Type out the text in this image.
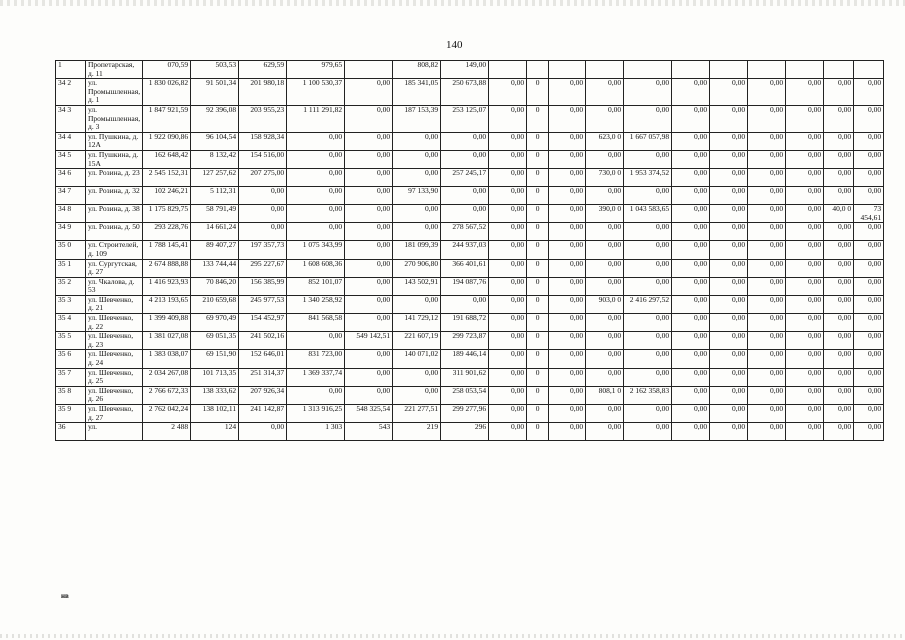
140
1	Пропетарская, д. 11	070,59	503,53	629,59	979,65		808,82	149,00											
34 2	ул. Промышленная, д. 1	1 830 026,82	91 501,34	201 980,18	1 100 530,37	0,00	185 341,05	250 673,88	0,00	0	0,00	0,00	0,00	0,00	0,00	0,00	0,00	0,00	0,00
34 3	ул. Промышленная, д. 3	1 847 921,59	92 396,08	203 955,23	1 111 291,82	0,00	187 153,39	253 125,07	0,00	0	0,00	0,00	0,00	0,00	0,00	0,00	0,00	0,00	0,00
34 4	ул. Пушкина, д. 12А	1 922 090,86	96 104,54	158 928,34	0,00	0,00	0,00	0,00	0,00	0	0,00	623,0 0	1 667 057,98	0,00	0,00	0,00	0,00	0,00	0,00
34 5	ул. Пушкина, д. 15А	162 648,42	8 132,42	154 516,00	0,00	0,00	0,00	0,00	0,00	0	0,00	0,00	0,00	0,00	0,00	0,00	0,00	0,00	0,00
34 6	ул. Розина, д. 23	2 545 152,31	127 257,62	207 275,00	0,00	0,00	0,00	257 245,17	0,00	0	0,00	730,0 0	1 953 374,52	0,00	0,00	0,00	0,00	0,00	0,00
34 7	ул. Розина, д. 32	102 246,21	5 112,31	0,00	0,00	0,00	97 133,90	0,00	0,00	0	0,00	0,00	0,00	0,00	0,00	0,00	0,00	0,00	0,00
34 8	ул. Розина, д. 38	1 175 829,75	58 791,49	0,00	0,00	0,00	0,00	0,00	0,00	0	0,00	390,0 0	1 043 583,65	0,00	0,00	0,00	0,00	40,0 0	73 454,61
34 9	ул. Розина, д. 50	293 228,76	14 661,24	0,00	0,00	0,00	0,00	278 567,52	0,00	0	0,00	0,00	0,00	0,00	0,00	0,00	0,00	0,00	0,00
35 0	ул. Строителей, д. 109	1 788 145,41	89 407,27	197 357,73	1 075 343,99	0,00	181 099,39	244 937,03	0,00	0	0,00	0,00	0,00	0,00	0,00	0,00	0,00	0,00	0,00
35 1	ул. Сургутская, д. 27	2 674 888,88	133 744,44	295 227,67	1 608 608,36	0,00	270 906,80	366 401,61	0,00	0	0,00	0,00	0,00	0,00	0,00	0,00	0,00	0,00	0,00
35 2	ул. Чкалова, д. 53	1 416 923,93	70 846,20	156 385,99	852 101,07	0,00	143 502,91	194 087,76	0,00	0	0,00	0,00	0,00	0,00	0,00	0,00	0,00	0,00	0,00
35 3	ул. Шевченко, д. 21	4 213 193,65	210 659,68	245 977,53	1 340 258,92	0,00	0,00	0,00	0,00	0	0,00	903,0 0	2 416 297,52	0,00	0,00	0,00	0,00	0,00	0,00
35 4	ул. Шевченко, д. 22	1 399 409,88	69 970,49	154 452,97	841 568,58	0,00	141 729,12	191 688,72	0,00	0	0,00	0,00	0,00	0,00	0,00	0,00	0,00	0,00	0,00
35 5	ул. Шевченко, д. 23	1 381 027,08	69 051,35	241 502,16	0,00	549 142,51	221 607,19	299 723,87	0,00	0	0,00	0,00	0,00	0,00	0,00	0,00	0,00	0,00	0,00
35 6	ул. Шевченко, д. 24	1 383 038,07	69 151,90	152 646,01	831 723,00	0,00	140 071,02	189 446,14	0,00	0	0,00	0,00	0,00	0,00	0,00	0,00	0,00	0,00	0,00
35 7	ул. Шевченко, д. 25	2 034 267,08	101 713,35	251 314,37	1 369 337,74	0,00	0,00	311 901,62	0,00	0	0,00	0,00	0,00	0,00	0,00	0,00	0,00	0,00	0,00
35 8	ул. Шевченко, д. 26	2 766 672,33	138 333,62	207 926,34	0,00	0,00	0,00	258 053,54	0,00	0	0,00	808,1 0	2 162 358,83	0,00	0,00	0,00	0,00	0,00	0,00
35 9	ул. Шевченко, д. 27	2 762 042,24	138 102,11	241 142,87	1 313 916,25	548 325,54	221 277,51	299 277,96	0,00	0	0,00	0,00	0,00	0,00	0,00	0,00	0,00	0,00	0,00
36	ул.	2 488	124	0,00	1 303	543	219	296	0,00	0	0,00	0,00	0,00	0,00	0,00	0,00	0,00	0,00	0,00
нв
